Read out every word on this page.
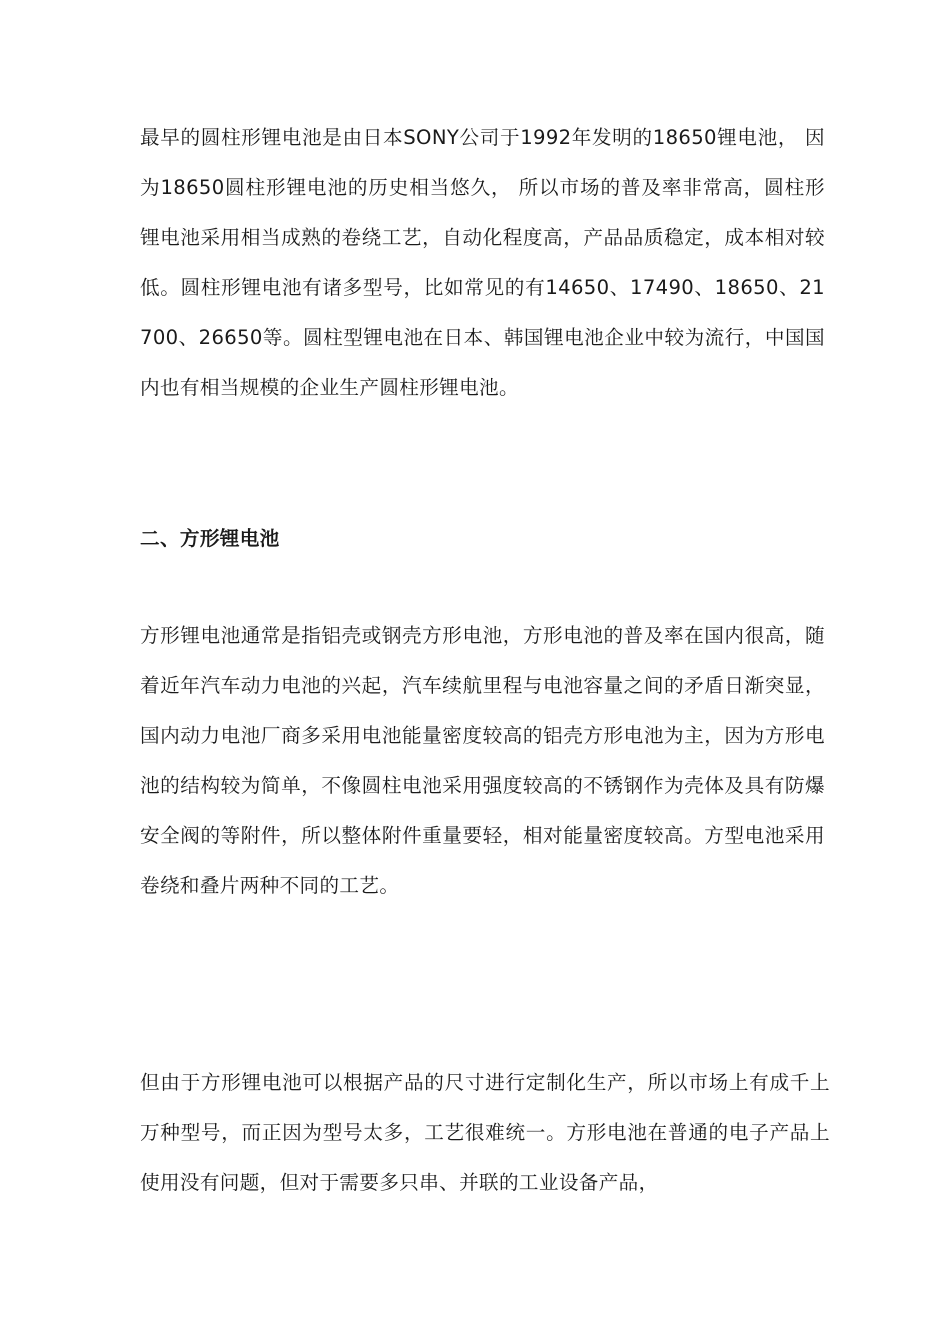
最早的圆柱形锂电池是由日本SONY公司于1992年发明的18650锂电池， 因为18650圆柱形锂电池的历史相当悠久， 所以市场的普及率非常高，圆柱形锂电池采用相当成熟的卷绕工艺，自动化程度高，产品品质稳定，成本相对较低。圆柱形锂电池有诸多型号，比如常见的有14650、17490、18650、21700、26650等。圆柱型锂电池在日本、韩国锂电池企业中较为流行，中国国内也有相当规模的企业生产圆柱形锂电池。

二、方形锂电池

方形锂电池通常是指铝壳或钢壳方形电池，方形电池的普及率在国内很高，随着近年汽车动力电池的兴起，汽车续航里程与电池容量之间的矛盾日渐突显，国内动力电池厂商多采用电池能量密度较高的铝壳方形电池为主，因为方形电池的结构较为简单，不像圆柱电池采用强度较高的不锈钢作为壳体及具有防爆安全阀的等附件，所以整体附件重量要轻，相对能量密度较高。方型电池采用卷绕和叠片两种不同的工艺。

但由于方形锂电池可以根据产品的尺寸进行定制化生产，所以市场上有成千上万种型号，而正因为型号太多，工艺很难统一。方形电池在普通的电子产品上使用没有问题，但对于需要多只串、并联的工业设备产品，
